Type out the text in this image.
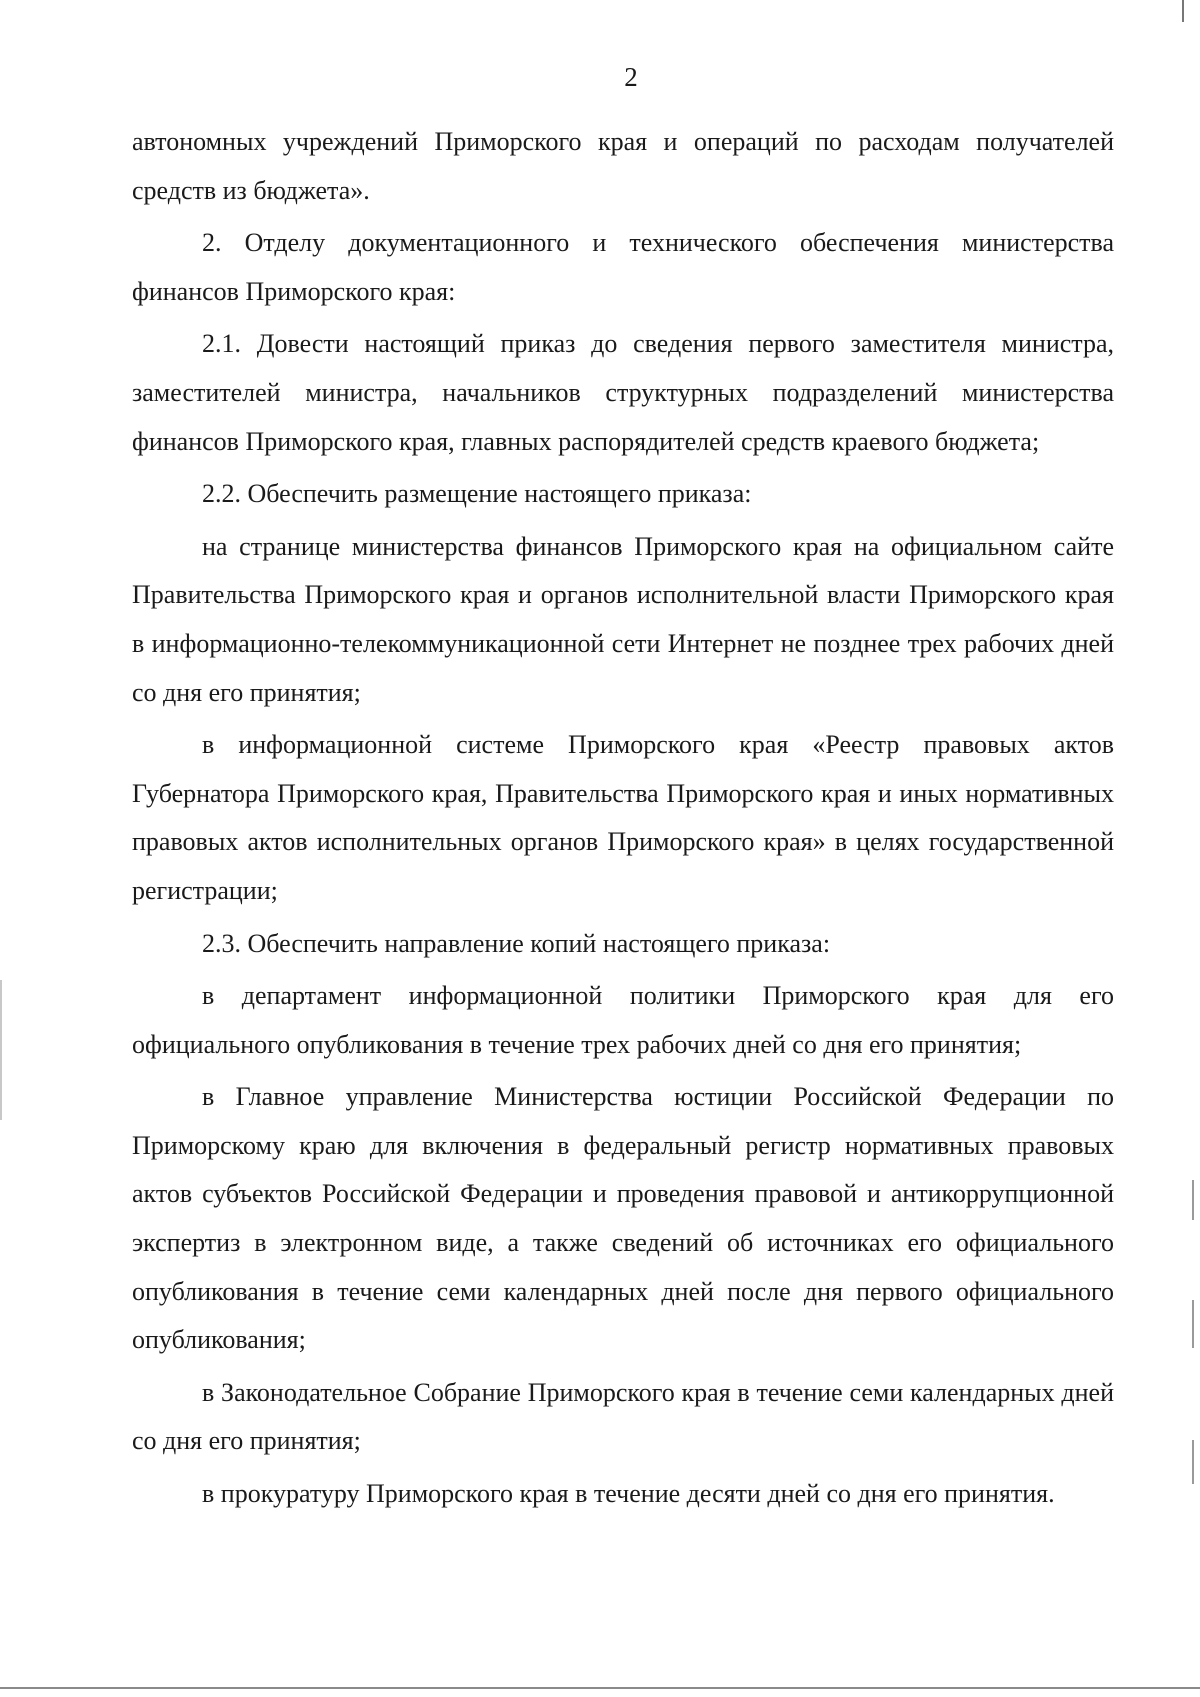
2

автономных учреждений Приморского края и операций по расходам получателей средств из бюджета».

2. Отделу документационного и технического обеспечения министерства финансов Приморского края:

2.1. Довести настоящий приказ до сведения первого заместителя министра, заместителей министра, начальников структурных подразделений министерства финансов Приморского края, главных распорядителей средств краевого бюджета;

2.2. Обеспечить размещение настоящего приказа:

на странице министерства финансов Приморского края на официальном сайте Правительства Приморского края и органов исполнительной власти Приморского края в информационно-телекоммуникационной сети Интернет не позднее трех рабочих дней со дня его принятия;

в информационной системе Приморского края «Реестр правовых актов Губернатора Приморского края, Правительства Приморского края и иных нормативных правовых актов исполнительных органов Приморского края» в целях государственной регистрации;

2.3. Обеспечить направление копий настоящего приказа:

в департамент информационной политики Приморского края для его официального опубликования в течение трех рабочих дней со дня его принятия;

в Главное управление Министерства юстиции Российской Федерации по Приморскому краю для включения в федеральный регистр нормативных правовых актов субъектов Российской Федерации и проведения правовой и антикоррупционной экспертиз в электронном виде, а также сведений об источниках его официального опубликования в течение семи календарных дней после дня первого официального опубликования;

в Законодательное Собрание Приморского края в течение семи календарных дней со дня его принятия;

в прокуратуру Приморского края в течение десяти дней со дня его принятия.
